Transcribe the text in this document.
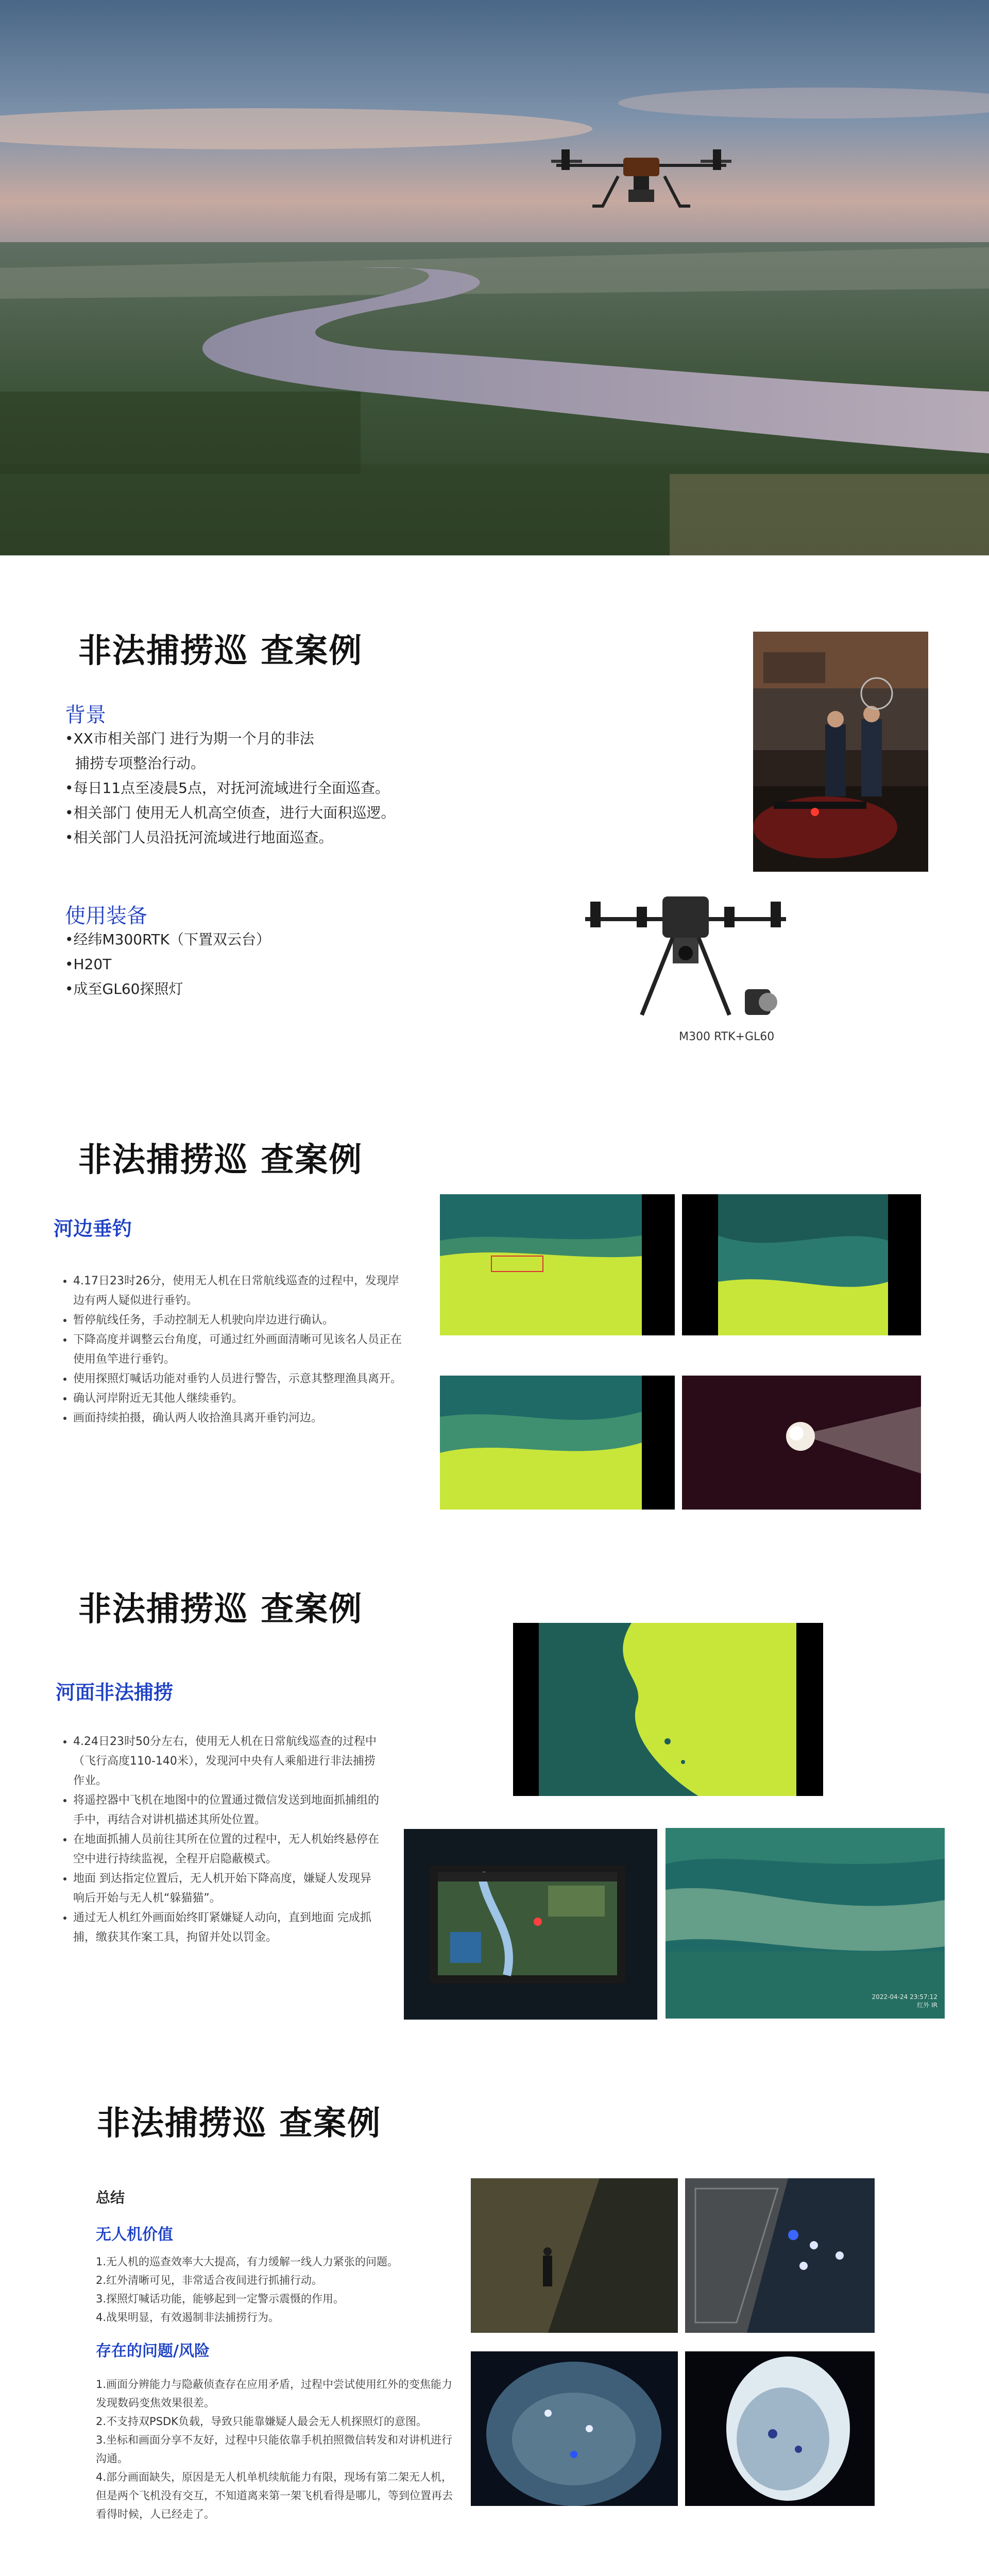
非法捕捞巡 查案例
背景
•XX市相关部门 进行为期一个月的非法
捕捞专项整治行动。
•每日11点至凌晨5点，对抚河流域进行全面巡查。
•相关部门 使用无人机高空侦查，进行大面积巡逻。
•相关部门人员沿抚河流域进行地面巡查。
使用装备
•经纬M300RTK（下置双云台）
•H20T
•成至GL60探照灯
M300 RTK+GL60
非法捕捞巡 查案例
河边垂钓
• 4.17日23时26分，使用无人机在日常航线巡查的过程中，发现岸边有两人疑似进行垂钓。
• 暂停航线任务，手动控制无人机驶向岸边进行确认。
• 下降高度并调整云台角度，可通过红外画面清晰可见该名人员正在使用鱼竿进行垂钓。
• 使用探照灯喊话功能对垂钓人员进行警告，示意其整理渔具离开。
• 确认河岸附近无其他人继续垂钓。
• 画面持续拍摄，确认两人收拾渔具离开垂钓河边。
非法捕捞巡 查案例
河面非法捕捞
• 4.24日23时50分左右，使用无人机在日常航线巡查的过程中（飞行高度110-140米），发现河中央有人乘船进行非法捕捞作业。
• 将遥控器中飞机在地图中的位置通过微信发送到地面抓捕组的手中，再结合对讲机描述其所处位置。
• 在地面抓捕人员前往其所在位置的过程中，无人机始终悬停在空中进行持续监视，全程开启隐蔽模式。
• 地面 到达指定位置后，无人机开始下降高度，嫌疑人发现异响后开始与无人机“躲猫猫”。
• 通过无人机红外画面始终盯紧嫌疑人动向，直到地面 完成抓捕，缴获其作案工具，拘留并处以罚金。
2022-04-24 23:57:12
红外 IR
非法捕捞巡 查案例
总结
无人机价值

1.无人机的巡查效率大大提高，有力缓解一线人力紧张的问题。

2.红外清晰可见，非常适合夜间进行抓捕行动。

3.探照灯喊话功能，能够起到一定警示震慑的作用。

4.战果明显，有效遏制非法捕捞行为。

存在的问题/风险

1.画面分辨能力与隐蔽侦查存在应用矛盾，过程中尝试使用红外的变焦能力发现数码变焦效果很差。

2.不支持双PSDK负载，导致只能靠嫌疑人最会无人机探照灯的意图。

3.坐标和画面分享不友好，过程中只能依靠手机拍照微信转发和对讲机进行沟通。

4.部分画面缺失，原因是无人机单机续航能力有限，现场有第二架无人机，但是两个飞机没有交互，不知道离来第一架飞机看得是哪儿，等到位置再去看得时候，人已经走了。
